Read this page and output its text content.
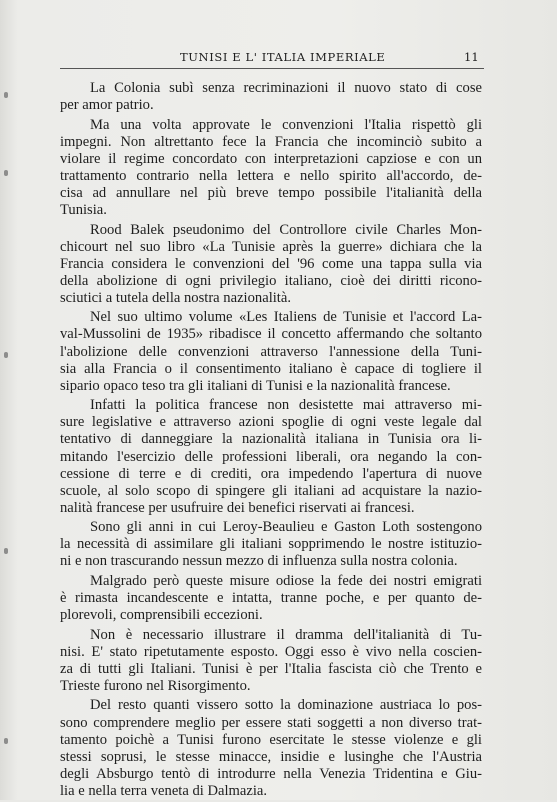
TUNISI E L' ITALIA IMPERIALE	11

La Colonia subì senza recriminazioni il nuovo stato di cose
per amor patrio.

Ma una volta approvate le convenzioni l'Italia rispettò gli
impegni. Non altrettanto fece la Francia che incominciò subito a
violare il regime concordato con interpretazioni capziose e con un
trattamento contrario nella lettera e nello spirito all'accordo, de-
cisa ad annullare nel più breve tempo possibile l'italianità della
Tunisia.

Rood Balek pseudonimo del Controllore civile Charles Mon-
chicourt nel suo libro «La Tunisie après la guerre» dichiara che la
Francia considera le convenzioni del '96 come una tappa sulla via
della abolizione di ogni privilegio italiano, cioè dei diritti ricono-
sciutici a tutela della nostra nazionalità.

Nel suo ultimo volume «Les Italiens de Tunisie et l'accord La-
val-Mussolini de 1935» ribadisce il concetto affermando che soltanto
l'abolizione delle convenzioni attraverso l'annessione della Tuni-
sia alla Francia o il consentimento italiano è capace di togliere il
sipario opaco teso tra gli italiani di Tunisi e la nazionalità francese.

Infatti la politica francese non desistette mai attraverso mi-
sure legislative e attraverso azioni spoglie di ogni veste legale dal
tentativo di danneggiare la nazionalità italiana in Tunisia ora li-
mitando l'esercizio delle professioni liberali, ora negando la con-
cessione di terre e di crediti, ora impedendo l'apertura di nuove
scuole, al solo scopo di spingere gli italiani ad acquistare la nazio-
nalità francese per usufruire dei benefici riservati ai francesi.

Sono gli anni in cui Leroy-Beaulieu e Gaston Loth sostengono
la necessità di assimilare gli italiani sopprimendo le nostre istituzio-
ni e non trascurando nessun mezzo di influenza sulla nostra colonia.

Malgrado però queste misure odiose la fede dei nostri emigrati
è rimasta incandescente e intatta, tranne poche, e per quanto de-
plorevoli, comprensibili eccezioni.

Non è necessario illustrare il dramma dell'italianità di Tu-
nisi. E' stato ripetutamente esposto. Oggi esso è vivo nella coscien-
za di tutti gli Italiani. Tunisi è per l'Italia fascista ciò che Trento e
Trieste furono nel Risorgimento.

Del resto quanti vissero sotto la dominazione austriaca lo pos-
sono comprendere meglio per essere stati soggetti a non diverso trat-
tamento poichè a Tunisi furono esercitate le stesse violenze e gli
stessi soprusi, le stesse minacce, insidie e lusinghe che l'Austria
degli Absburgo tentò di introdurre nella Venezia Tridentina e Giu-
lia e nella terra veneta di Dalmazia.
